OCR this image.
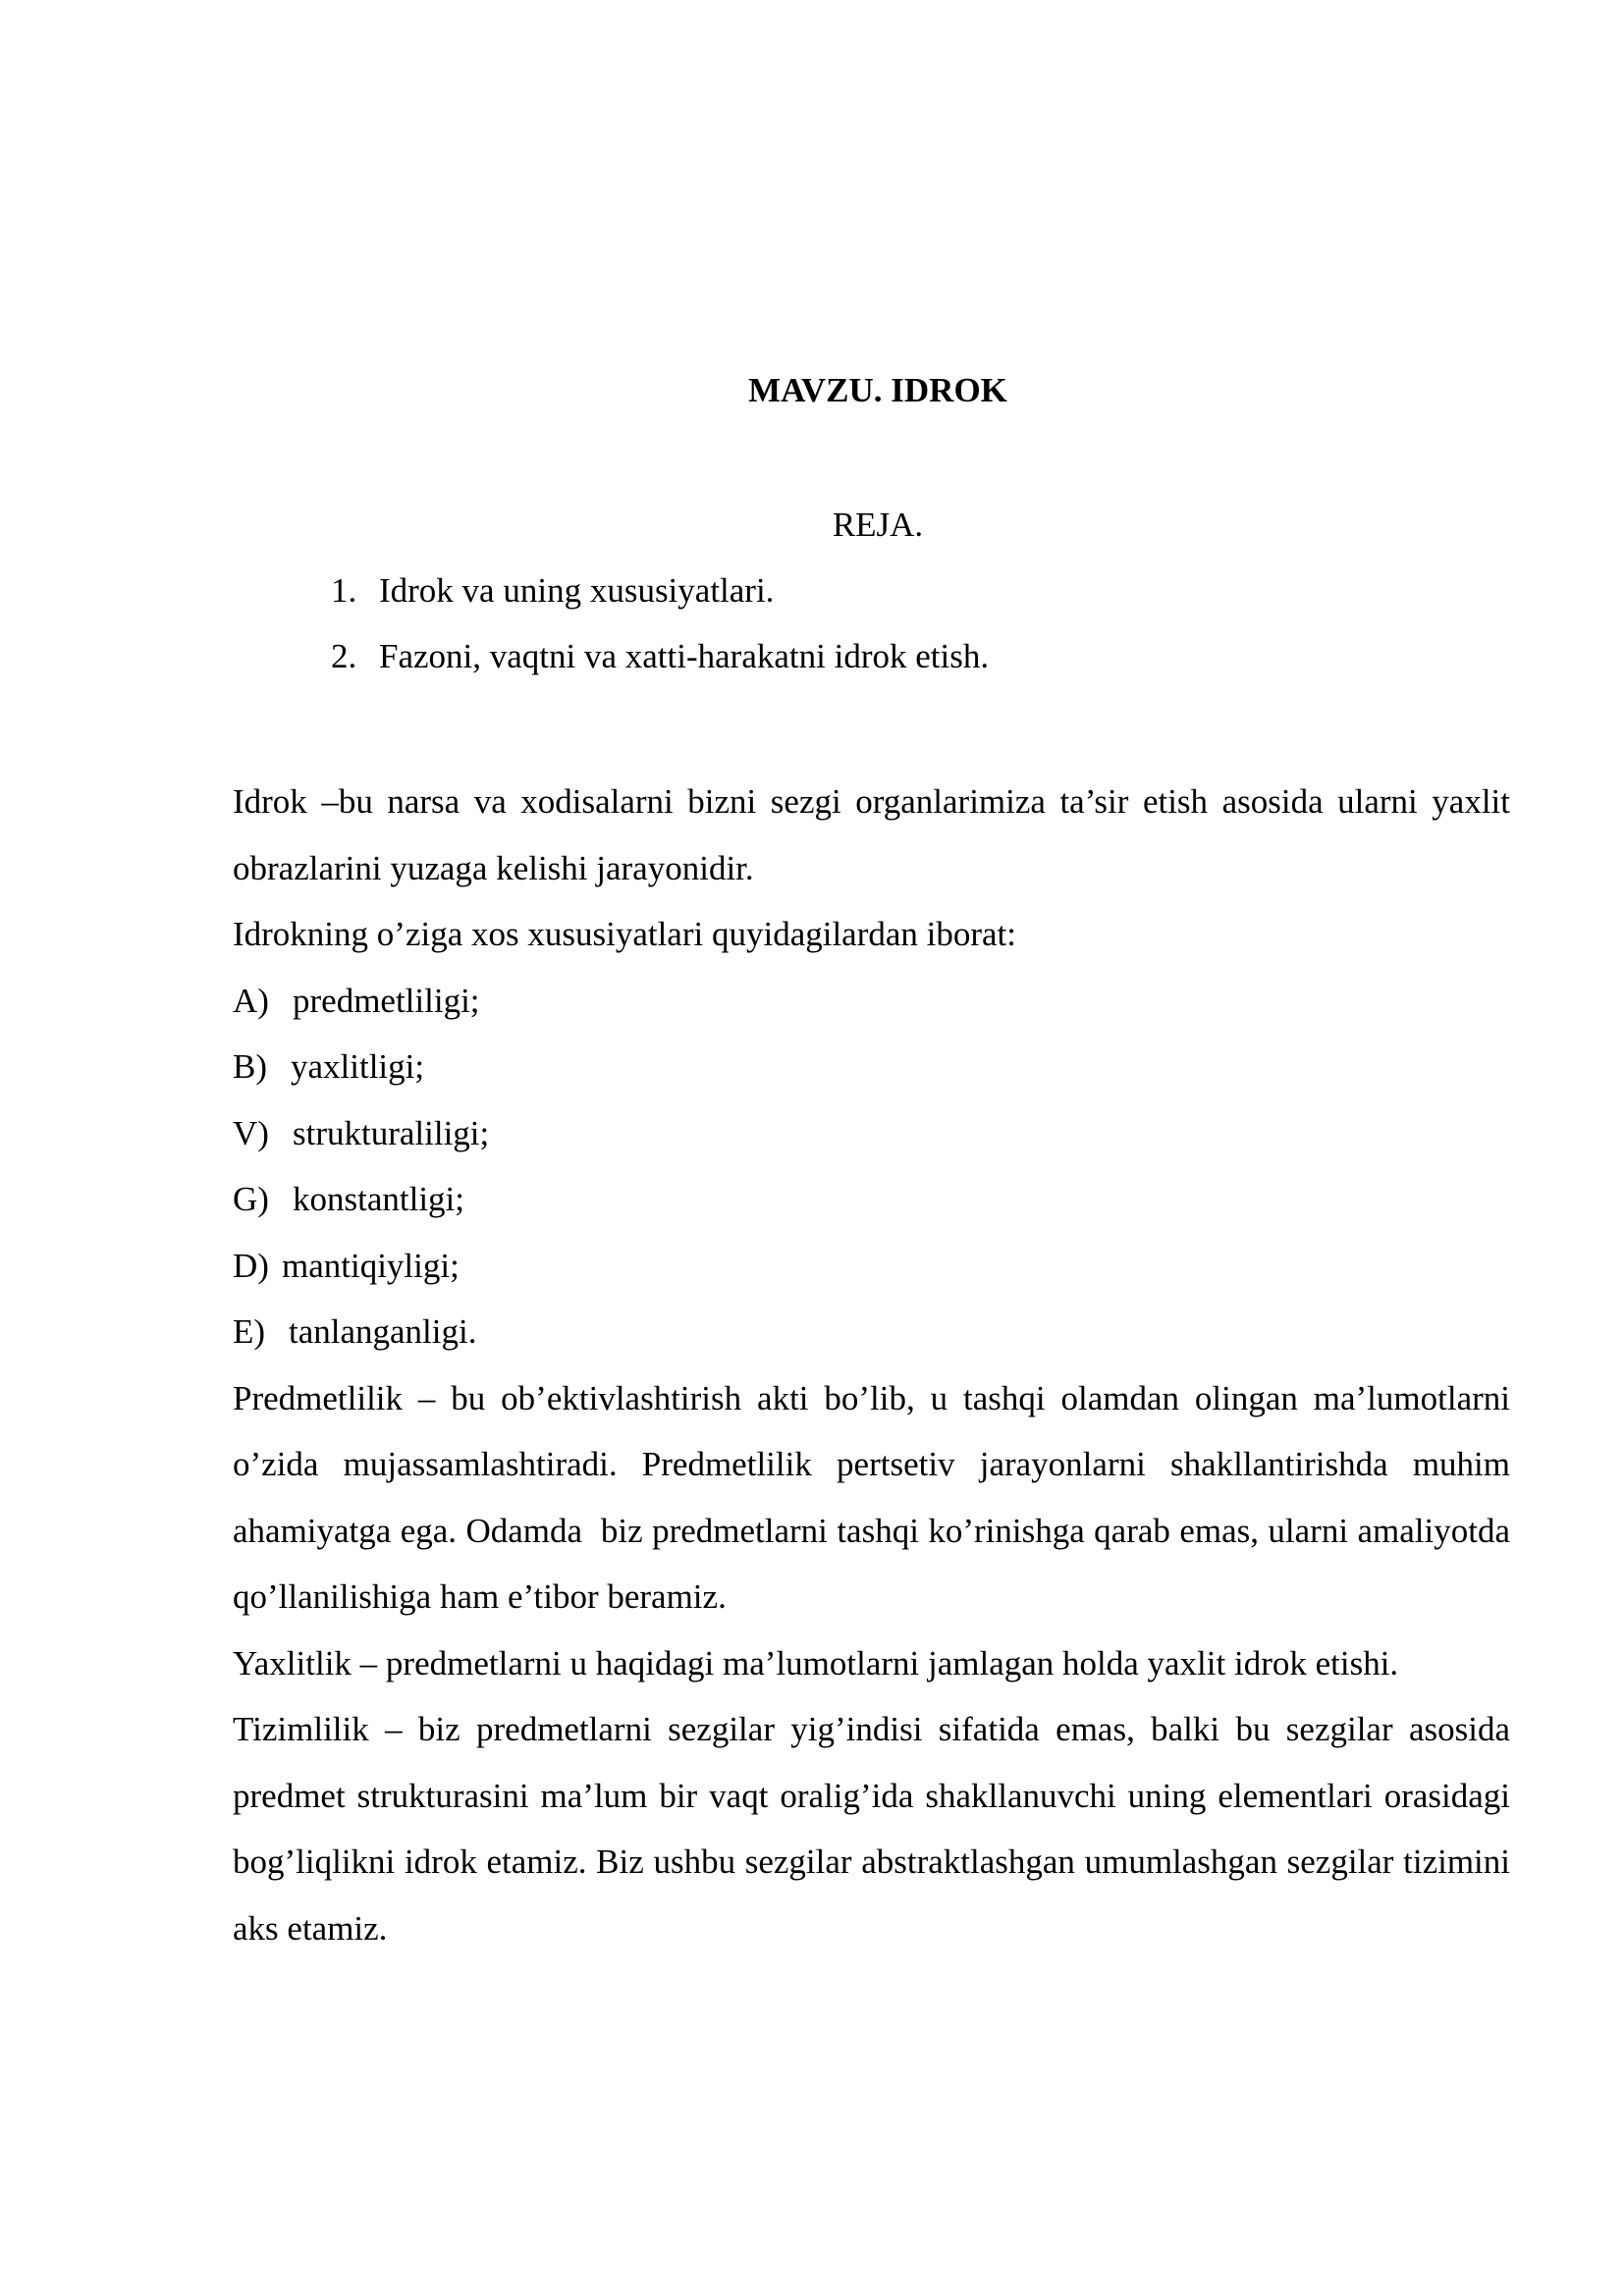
MAVZU. IDROK
REJA.
1. Idrok va uning xususiyatlari.
2. Fazoni, vaqtni va xatti-harakatni idrok etish.

Idrok –bu narsa va xodisalarni bizni sezgi organlarimiza ta’sir etish asosida ularni yaxlit obrazlarini yuzaga kelishi jarayonidir.

Idrokning o’ziga xos xususiyatlari quyidagilardan iborat:

A) predmetliligi;
B) yaxlitligi;
V) strukturaliligi;
G) konstantligi;
D) mantiqiyligi;
E) tanlanganligi.

Predmetlilik – bu ob’ektivlashtirish akti bo’lib, u tashqi olamdan olingan ma’lumotlarni o’zida mujassamlashtiradi. Predmetlilik pertsetiv jarayonlarni shakllantirishda muhim ahamiyatga ega. Odamda  biz predmetlarni tashqi ko’rinishga qarab emas, ularni amaliyotda qo’llanilishiga ham e’tibor beramiz.

Yaxlitlik – predmetlarni u haqidagi ma’lumotlarni jamlagan holda yaxlit idrok etishi.

Tizimlilik – biz predmetlarni sezgilar yig’indisi sifatida emas, balki bu sezgilar asosida predmet strukturasini ma’lum bir vaqt oralig’ida shakllanuvchi uning elementlari orasidagi bog’liqlikni idrok etamiz. Biz ushbu sezgilar abstraktlashgan umumlashgan sezgilar tizimini aks etamiz.
